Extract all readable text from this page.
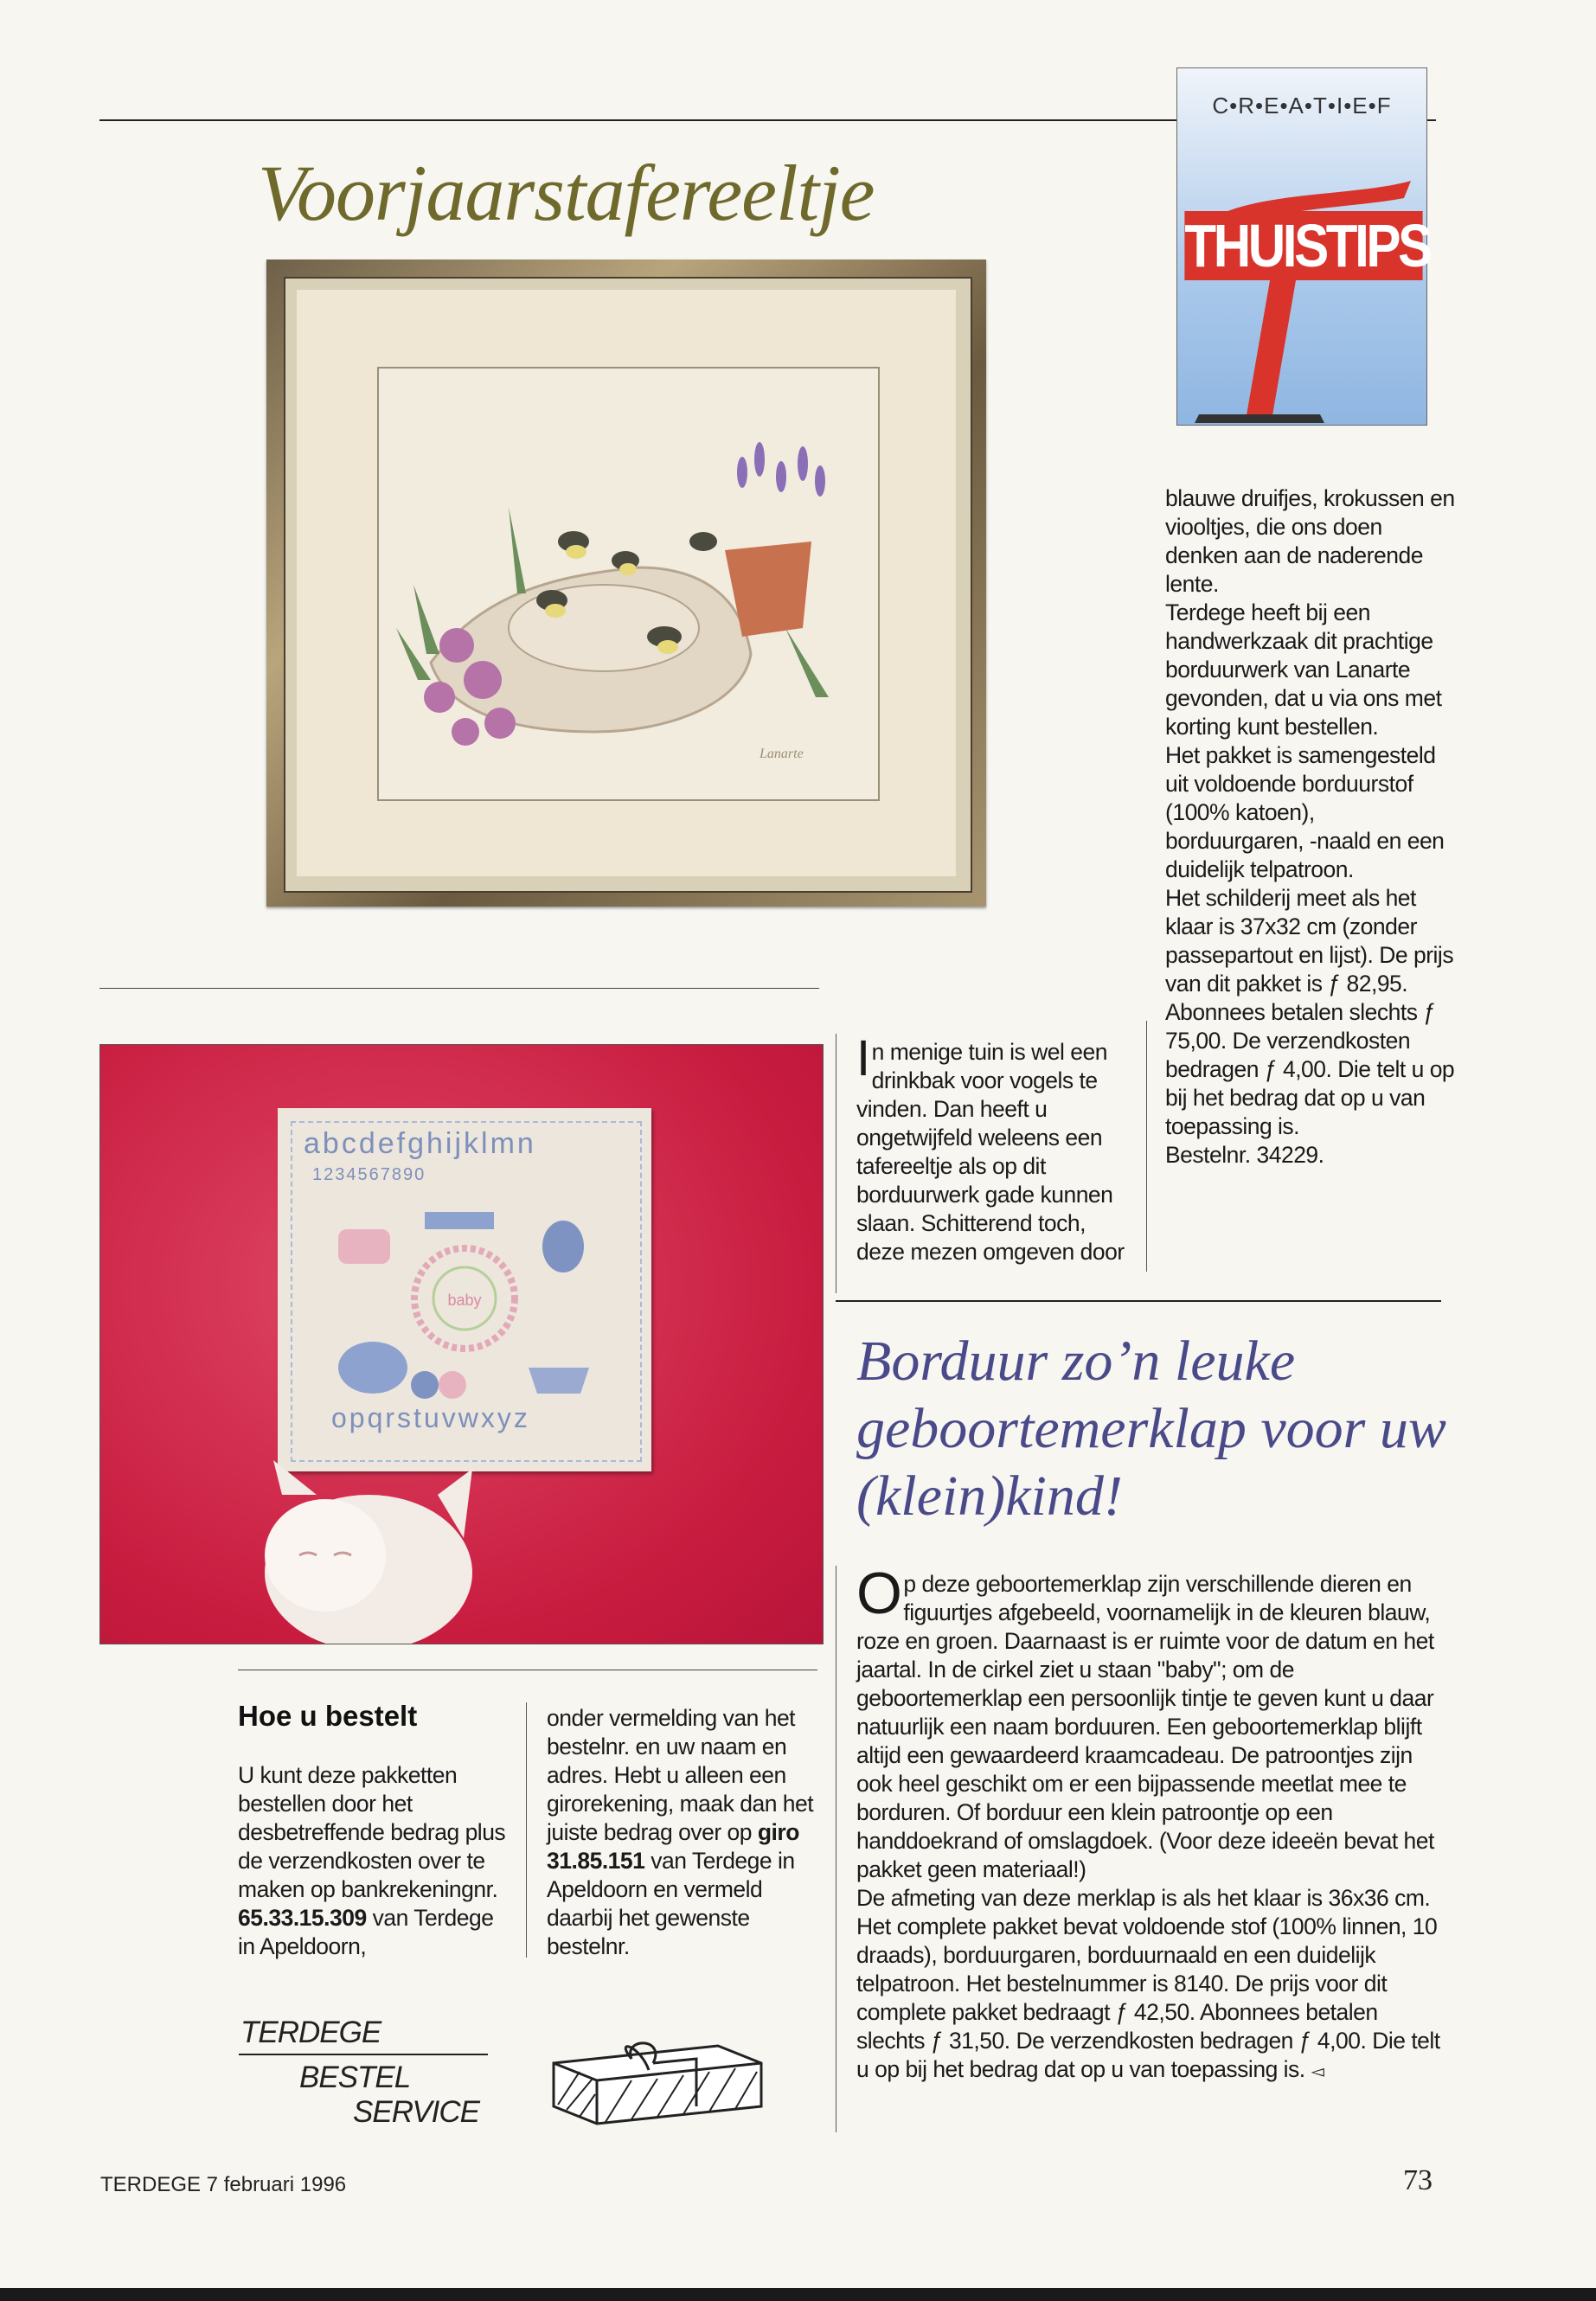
Voorjaarstafereeltje
C•R•E•A•T•I•E•F
THUISTIPS
Lanarte

blauwe druifjes, krokussen en viooltjes, die ons doen denken aan de naderende lente.

Terdege heeft bij een handwerkzaak dit prachtige borduurwerk van Lanarte gevonden, dat u via ons met korting kunt bestellen.

Het pakket is samengesteld uit voldoende borduurstof (100% katoen), borduurgaren, -naald en een duidelijk telpatroon.

Het schilderij meet als het klaar is 37x32 cm (zonder passepartout en lijst). De prijs van dit pakket is ƒ 82,95. Abonnees betalen slechts ƒ 75,00. De verzendkosten bedragen ƒ 4,00. Die telt u op bij het bedrag dat op u van toepassing is.

Bestelnr. 34229.

In menige tuin is wel een drinkbak voor vogels te vinden. Dan heeft u ongetwijfeld weleens een tafereeltje als op dit borduurwerk gade kunnen slaan. Schitterend toch, deze mezen omgeven door
abcdefghijklmn
1234567890
baby
opqrstuvwxyz
Borduur zo’n leuke geboortemerklap voor uw (klein)kind!
Op deze geboortemerklap zijn verschillende dieren en figuurtjes afgebeeld, voornamelijk in de kleuren blauw, roze en groen. Daarnaast is er ruimte voor de datum en het jaartal. In de cirkel ziet u staan "baby"; om de geboortemerklap een persoonlijk tintje te geven kunt u daar natuurlijk een naam borduuren. Een geboortemerklap blijft altijd een gewaardeerd kraamcadeau. De patroontjes zijn ook heel geschikt om er een bijpassende meetlat mee te borduren. Of borduur een klein patroontje op een handdoekrand of omslagdoek. (Voor deze ideeën bevat het pakket geen materiaal!)

De afmeting van deze merklap is als het klaar is 36x36 cm. Het complete pakket bevat voldoende stof (100% linnen, 10 draads), borduurgaren, borduurnaald en een duidelijk telpatroon. Het bestelnummer is 8140. De prijs voor dit complete pakket bedraagt ƒ 42,50. Abonnees betalen slechts ƒ 31,50. De verzendkosten bedragen ƒ 4,00. Die telt u op bij het bedrag dat op u van toepassing is. ◅

Hoe u bestelt
U kunt deze pakketten bestellen door het desbetreffende bedrag plus de verzendkosten over te maken op bankrekeningnr. 65.33.15.309 van Terdege in Apeldoorn,
onder vermelding van het bestelnr. en uw naam en adres. Hebt u alleen een girorekening, maak dan het juiste bedrag over op giro 31.85.151 van Terdege in Apeldoorn en vermeld daarbij het gewenste bestelnr.
TERDEGE
BESTEL
SERVICE
TERDEGE 7 februari 1996	73
